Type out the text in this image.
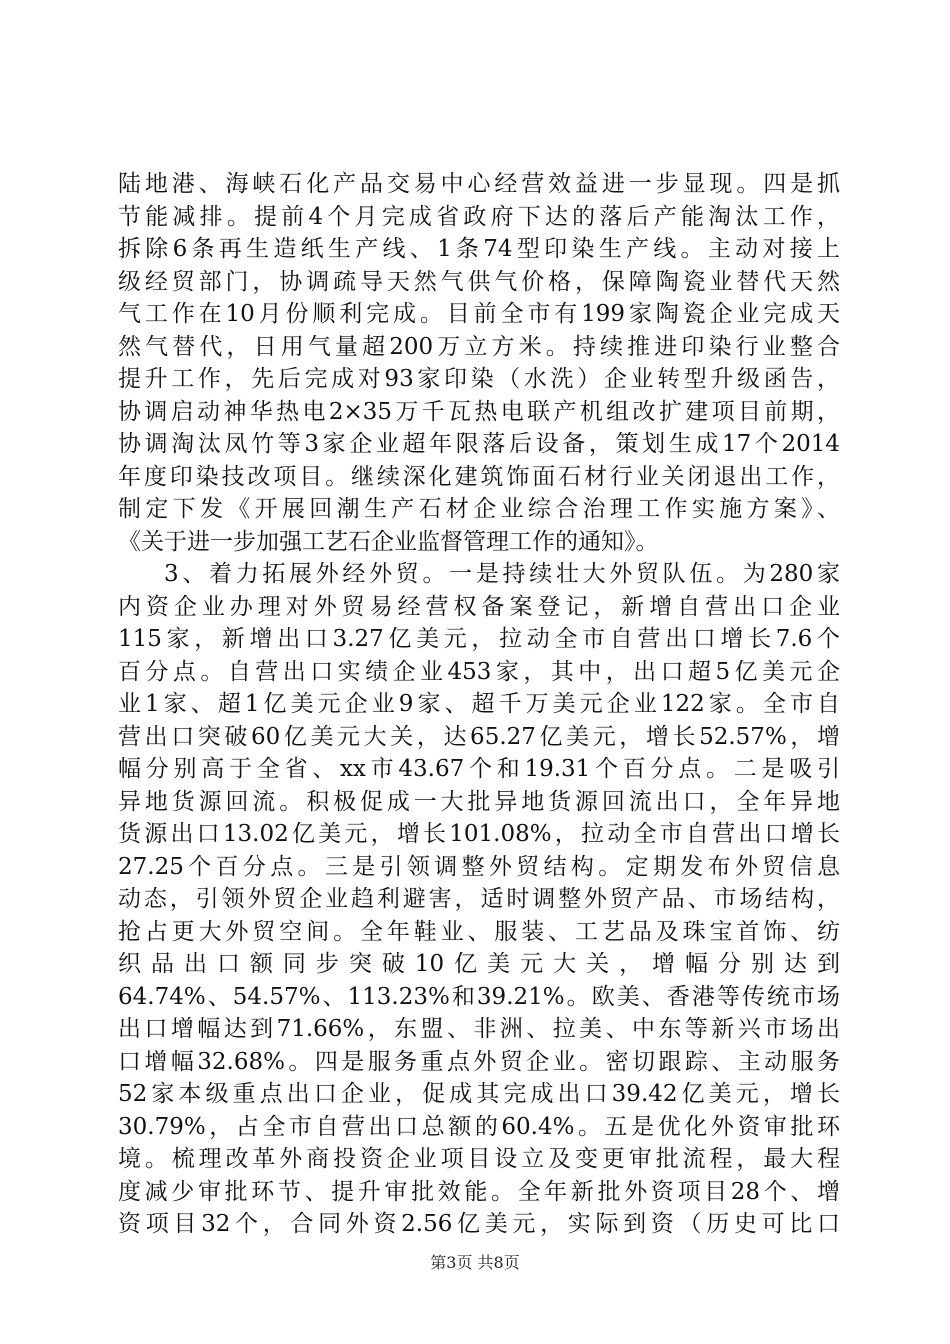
陆地港、海峡石化产品交易中心经营效益进一步显现。四是抓
节能减排。提前4个月完成省政府下达的落后产能淘汰工作，
拆除6条再生造纸生产线、1条74型印染生产线。主动对接上
级经贸部门，协调疏导天然气供气价格，保障陶瓷业替代天然
气工作在10月份顺利完成。目前全市有199家陶瓷企业完成天
然气替代，日用气量超200万立方米。持续推进印染行业整合
提升工作，先后完成对93家印染（水洗）企业转型升级函告，
协调启动神华热电2×35万千瓦热电联产机组改扩建项目前期，
协调淘汰凤竹等3家企业超年限落后设备，策划生成17个2014
年度印染技改项目。继续深化建筑饰面石材行业关闭退出工作，
制定下发《开展回潮生产石材企业综合治理工作实施方案》、
《关于进一步加强工艺石企业监督管理工作的通知》。
3、着力拓展外经外贸。一是持续壮大外贸队伍。为280家
内资企业办理对外贸易经营权备案登记，新增自营出口企业
115家，新增出口3.27亿美元，拉动全市自营出口增长7.6个
百分点。自营出口实绩企业453家，其中，出口超5亿美元企
业1家、超1亿美元企业9家、超千万美元企业122家。全市自
营出口突破60亿美元大关，达65.27亿美元，增长52.57%，增
幅分别高于全省、xx市43.67个和19.31个百分点。二是吸引
异地货源回流。积极促成一大批异地货源回流出口，全年异地
货源出口13.02亿美元，增长101.08%，拉动全市自营出口增长
27.25个百分点。三是引领调整外贸结构。定期发布外贸信息
动态，引领外贸企业趋利避害，适时调整外贸产品、市场结构，
抢占更大外贸空间。全年鞋业、服装、工艺品及珠宝首饰、纺
织品出口额同步突破10亿美元大关，增幅分别达到
64.74%、54.57%、113.23%和39.21%。欧美、香港等传统市场
出口增幅达到71.66%，东盟、非洲、拉美、中东等新兴市场出
口增幅32.68%。四是服务重点外贸企业。密切跟踪、主动服务
52家本级重点出口企业，促成其完成出口39.42亿美元，增长
30.79%，占全市自营出口总额的60.4%。五是优化外资审批环
境。梳理改革外商投资企业项目设立及变更审批流程，最大程
度减少审批环节、提升审批效能。全年新批外资项目28个、增
资项目32个，合同外资2.56亿美元，实际到资（历史可比口
第3页 共8页
